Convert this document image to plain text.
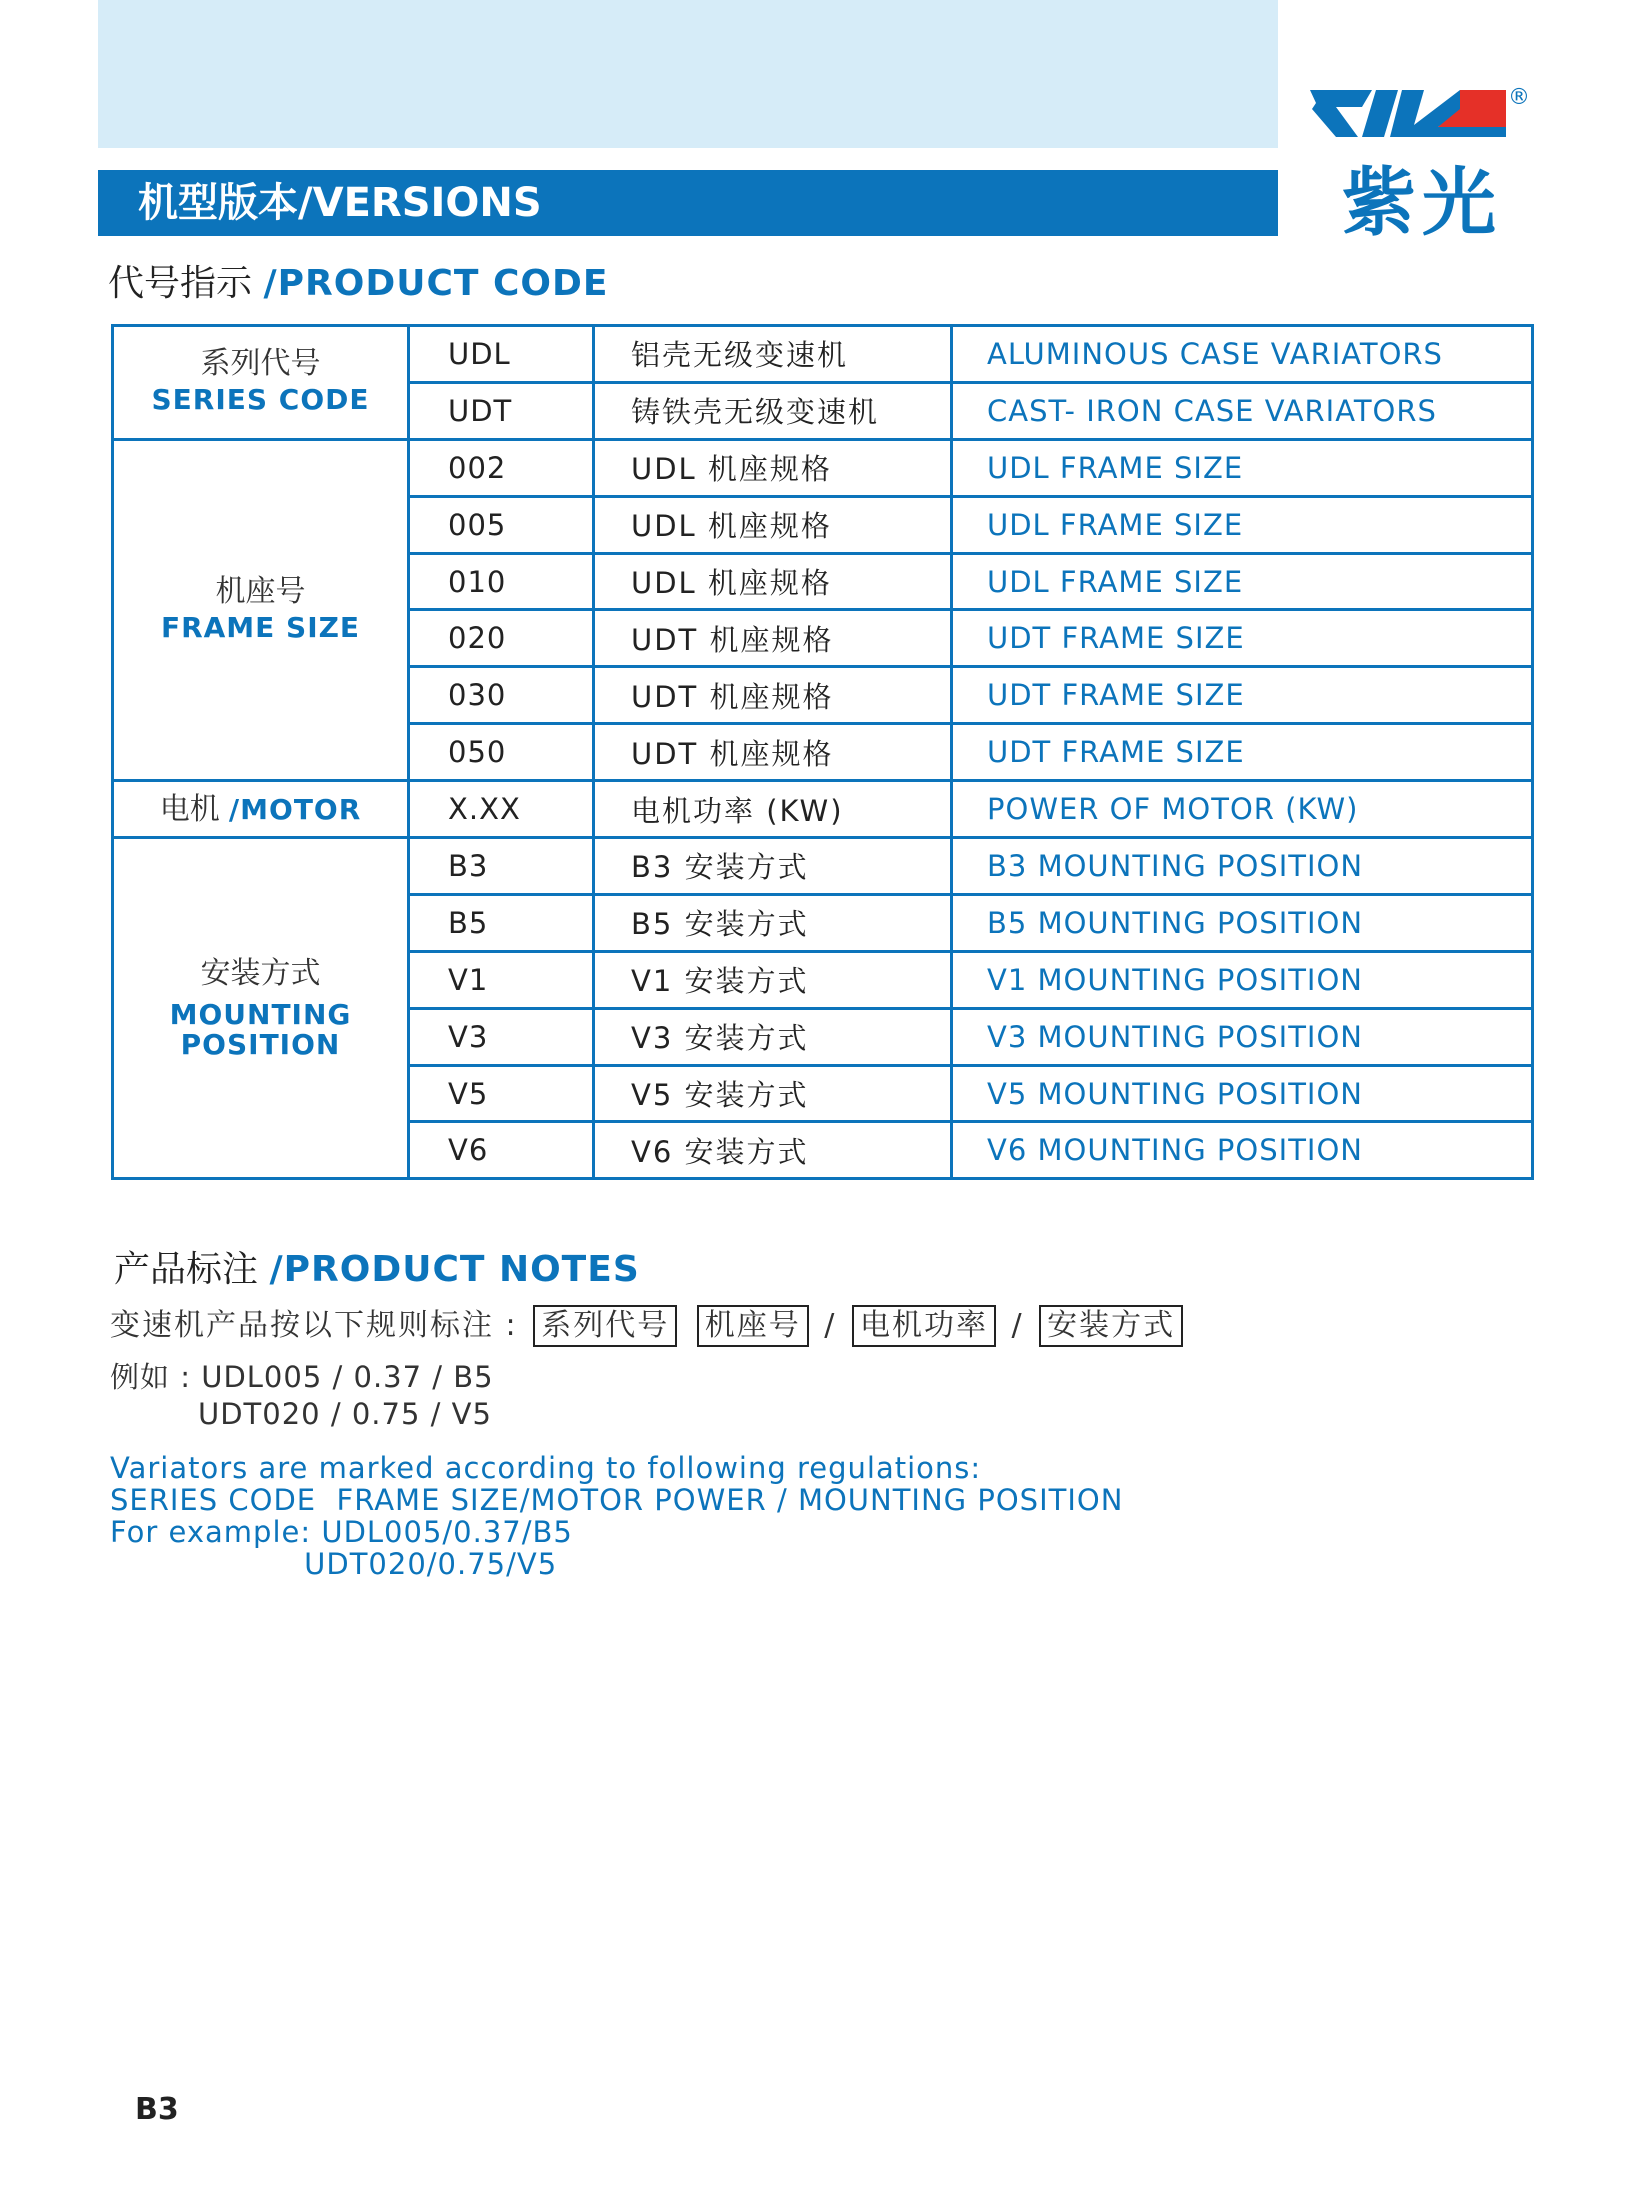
机型版本/VERSIONS
®
紫光
代号指示 /PRODUCT CODE
系列代号
SERIES CODE	UDL	铝壳无级变速机	ALUMINOUS CASE VARIATORS
	UDT	铸铁壳无级变速机	CAST- IRON CASE VARIATORS

机座号
FRAME SIZE	002	UDL 机座规格	UDL FRAME SIZE
	005	UDL 机座规格	UDL FRAME SIZE
	010	UDL 机座规格	UDL FRAME SIZE
	020	UDT 机座规格	UDT FRAME SIZE
	030	UDT 机座规格	UDT FRAME SIZE
	050	UDT 机座规格	UDT FRAME SIZE
电机 /MOTOR	X.XX	电机功率 (KW)	POWER OF MOTOR (KW)

安装方式
MOUNTING
POSITION	B3	B3 安装方式	B3 MOUNTING POSITION
	B5	B5 安装方式	B5 MOUNTING POSITION
	V1	V1 安装方式	V1 MOUNTING POSITION
	V3	V3 安装方式	V3 MOUNTING POSITION
	V5	V5 安装方式	V5 MOUNTING POSITION
	V6	V6 安装方式	V6 MOUNTING POSITION
产品标注 /PRODUCT NOTES
变速机产品按以下规则标注 : 系列代号 机座号 / 电机功率 / 安装方式
例如 : UDL005 / 0.37 / B5
UDT020 / 0.75 / V5
Variators are marked according to following regulations:
SERIES CODE  FRAME SIZE/MOTOR POWER / MOUNTING POSITION
For example: UDL005/0.37/B5
UDT020/0.75/V5
B3
